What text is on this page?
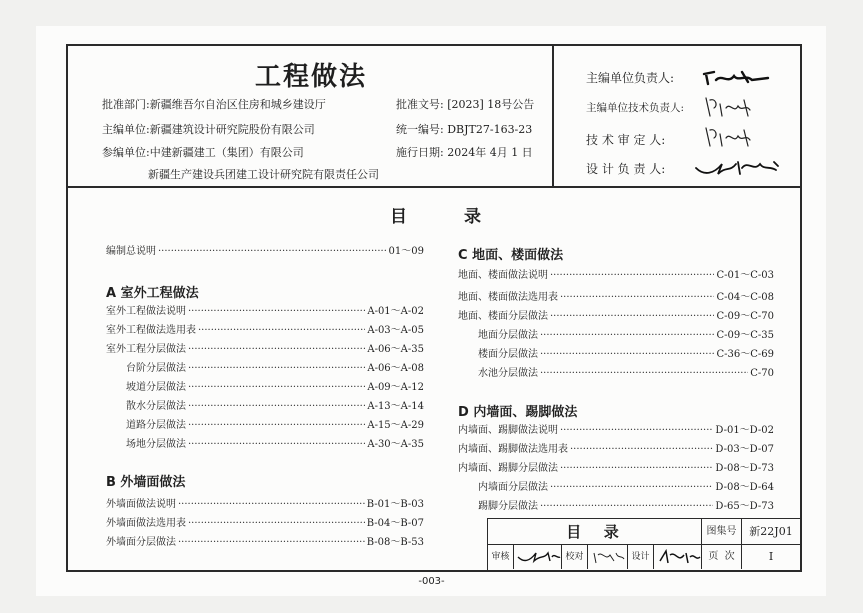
工程做法
批准部门:新疆维吾尔自治区住房和城乡建设厅
主编单位:新疆建筑设计研究院股份有限公司
参编单位:中建新疆建工（集团）有限公司
新疆生产建设兵团建工设计研究院有限责任公司
批准文号: [2023] 18号公告
统一编号: DBJT27-163-23
施行日期: 2024年 4月 1 日
主编单位负责人:
主编单位技术负责人:
技 术 审 定 人:
设 计 负 责 人:
目	录
编制总说明 ·····	01～09
A 室外工程做法
室外工程做法说明 ·····	A-01～A-02
室外工程做法选用表 ·····	A-03～A-05
室外工程分层做法 ·····	A-06～A-35
台阶分层做法 ·····	A-06～A-08
坡道分层做法 ·····	A-09～A-12
散水分层做法 ·····	A-13～A-14
道路分层做法 ·····	A-15～A-29
场地分层做法 ·····	A-30～A-35
B 外墙面做法
外墙面做法说明 ·····	B-01～B-03
外墙面做法选用表 ·····	B-04～B-07
外墙面分层做法 ·····	B-08～B-53
C 地面、楼面做法
地面、楼面做法说明 ·····	C-01～C-03
地面、楼面做法选用表 ·····	C-04～C-08
地面、楼面分层做法 ·····	C-09～C-70
地面分层做法 ·····	C-09～C-35
楼面分层做法 ·····	C-36～C-69
水池分层做法 ·····	C-70
D 内墙面、踢脚做法
内墙面、踢脚做法说明 ·····	D-01～D-02
内墙面、踢脚做法选用表 ·····	D-03～D-07
内墙面、踢脚分层做法 ·····	D-08～D-73
内墙面分层做法 ·····	D-08～D-64
踢脚分层做法 ·····	D-65～D-73
目  录	图集号	新22J01
审核	校对	设计	页  次	I
-003-
